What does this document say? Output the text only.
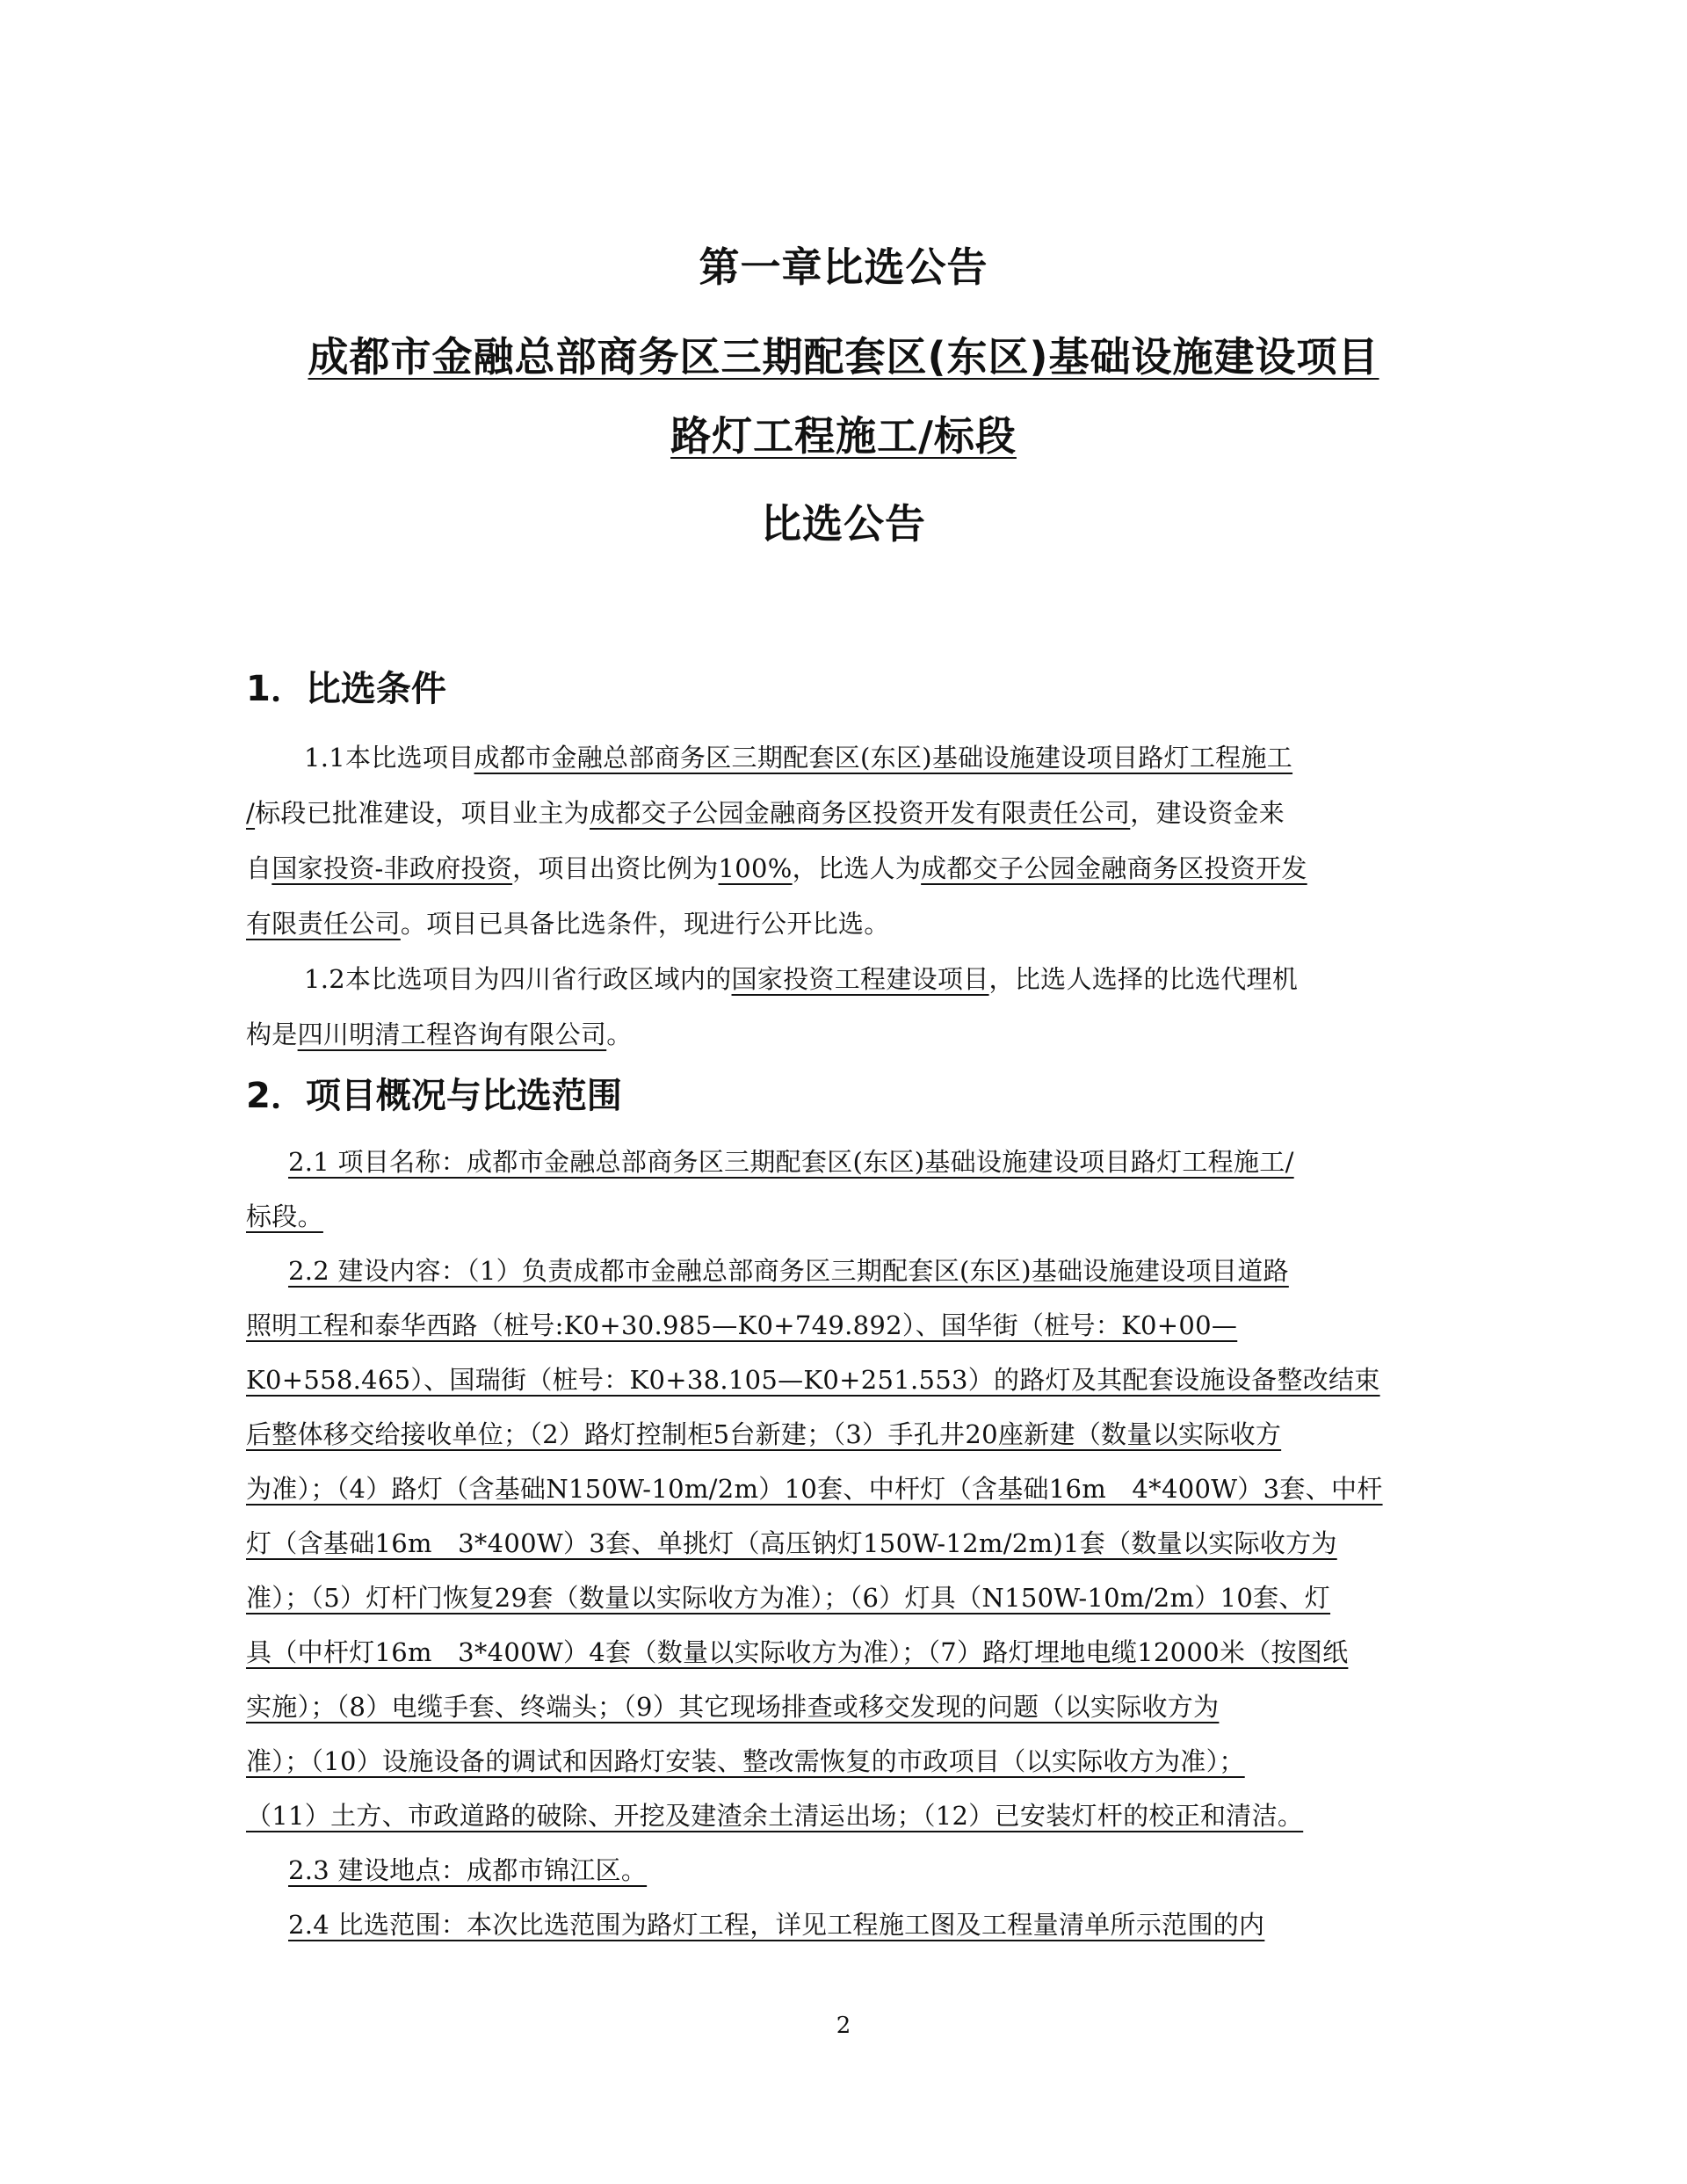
第一章比选公告
成都市金融总部商务区三期配套区(东区)基础设施建设项目
路灯工程施工/标段
比选公告
1．比选条件
1.1本比选项目成都市金融总部商务区三期配套区(东区)基础设施建设项目路灯工程施工
/标段已批准建设，项目业主为成都交子公园金融商务区投资开发有限责任公司，建设资金来
自国家投资-非政府投资，项目出资比例为100%，比选人为成都交子公园金融商务区投资开发
有限责任公司。项目已具备比选条件，现进行公开比选。
1.2本比选项目为四川省行政区域内的国家投资工程建设项目，比选人选择的比选代理机
构是四川明清工程咨询有限公司。
2．项目概况与比选范围
2.1 项目名称：成都市金融总部商务区三期配套区(东区)基础设施建设项目路灯工程施工/
标段。
2.2 建设内容：（1）负责成都市金融总部商务区三期配套区(东区)基础设施建设项目道路
照明工程和泰华西路（桩号:K0+30.985—K0+749.892）、国华街（桩号：K0+00—
K0+558.465）、国瑞街（桩号：K0+38.105—K0+251.553）的路灯及其配套设施设备整改结束
后整体移交给接收单位；（2）路灯控制柜5台新建；（3）手孔井20座新建（数量以实际收方
为准）；（4）路灯（含基础N150W-10m/2m）10套、中杆灯（含基础16m　4*400W）3套、中杆
灯（含基础16m　3*400W）3套、单挑灯（高压钠灯150W-12m/2m)1套（数量以实际收方为
准）；（5）灯杆门恢复29套（数量以实际收方为准）；（6）灯具（N150W-10m/2m）10套、灯
具（中杆灯16m　3*400W）4套（数量以实际收方为准）；（7）路灯埋地电缆12000米（按图纸
实施）；（8）电缆手套、终端头；（9）其它现场排查或移交发现的问题（以实际收方为
准）；（10）设施设备的调试和因路灯安装、整改需恢复的市政项目（以实际收方为准）；
（11）土方、市政道路的破除、开挖及建渣余土清运出场；（12）已安装灯杆的校正和清洁。
2.3 建设地点：成都市锦江区。
2.4 比选范围：本次比选范围为路灯工程，详见工程施工图及工程量清单所示范围的内
2
